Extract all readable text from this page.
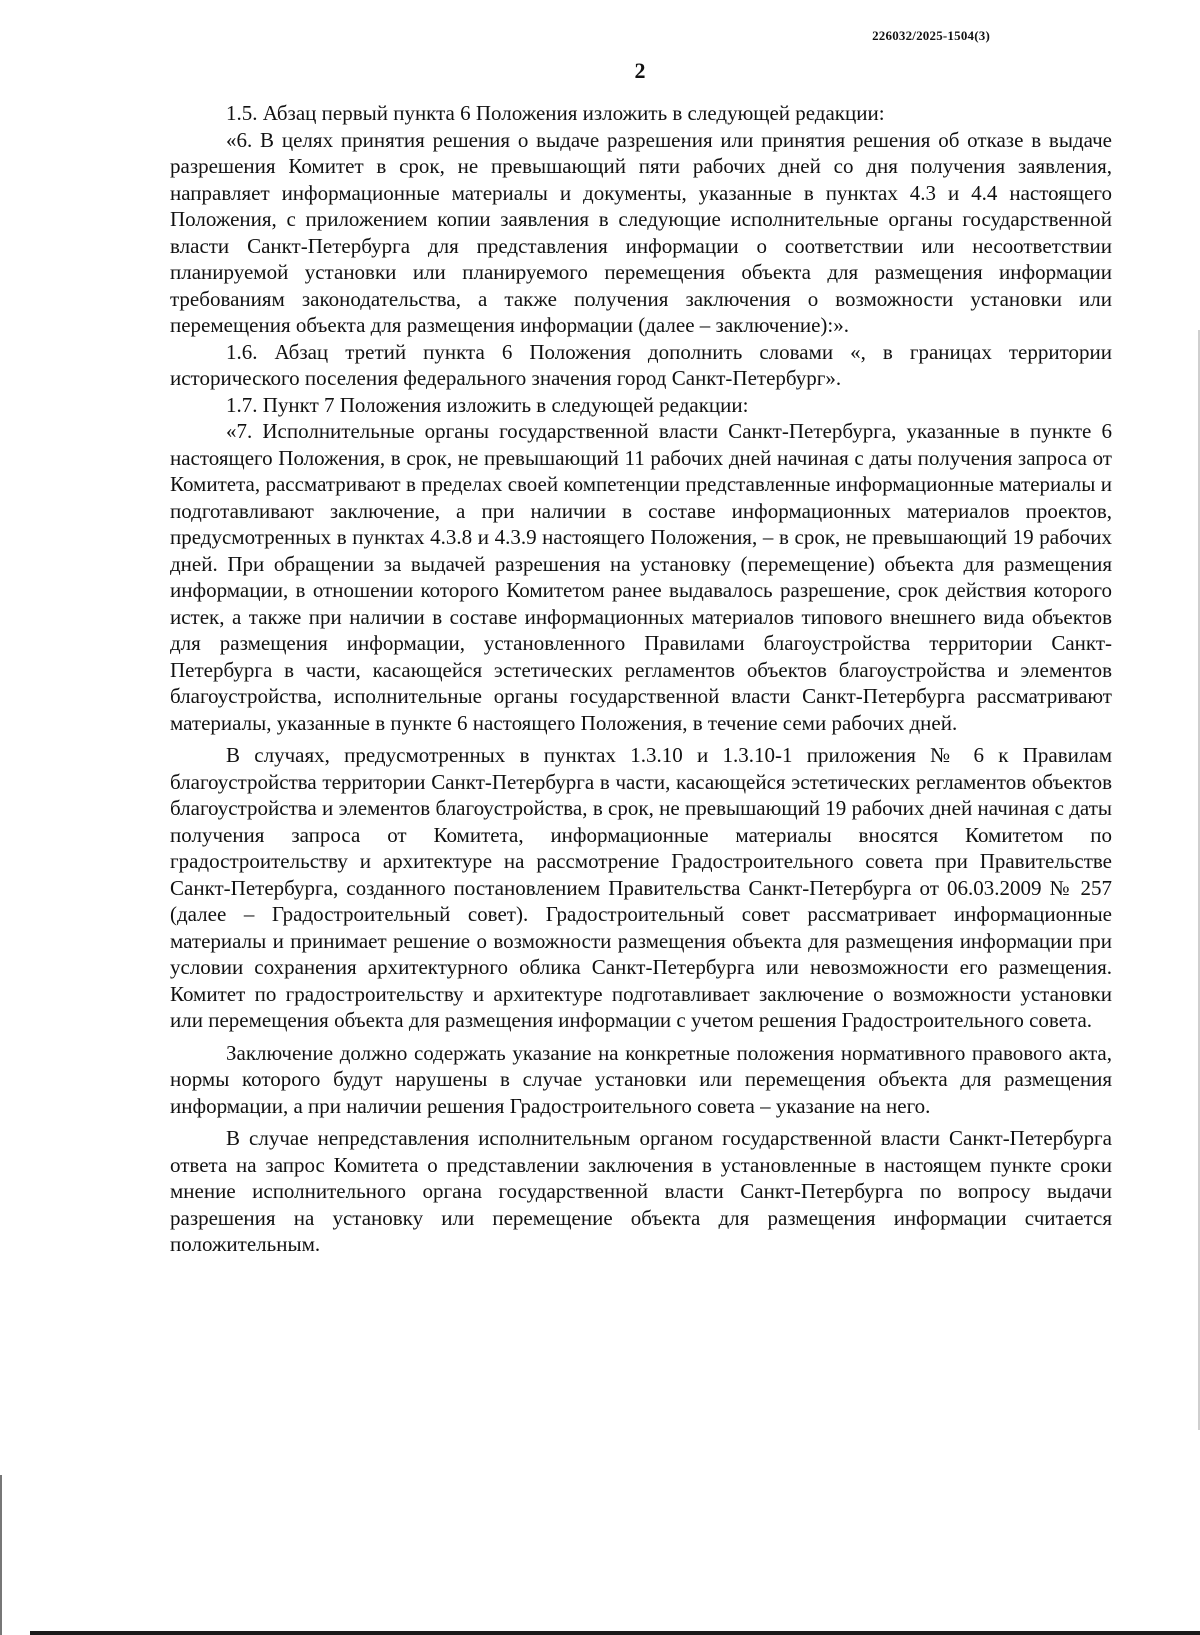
226032/2025-1504(3)
2

1.5. Абзац первый пункта 6 Положения изложить в следующей редакции:

«6. В целях принятия решения о выдаче разрешения или принятия решения об отказе в выдаче разрешения Комитет в срок, не превышающий пяти рабочих дней со дня получения заявления, направляет информационные материалы и документы, указанные в пунктах 4.3 и 4.4 настоящего Положения, с приложением копии заявления в следующие исполнительные органы государственной власти Санкт-Петербурга для представления информации о соответствии или несоответствии планируемой установки или планируемого перемещения объекта для размещения информации требованиям законодательства, а также получения заключения о возможности установки или перемещения объекта для размещения информации (далее – заключение):».

1.6. Абзац третий пункта 6 Положения дополнить словами «, в границах территории исторического поселения федерального значения город Санкт-Петербург».

1.7. Пункт 7 Положения изложить в следующей редакции:

«7. Исполнительные органы государственной власти Санкт-Петербурга, указанные в пункте 6 настоящего Положения, в срок, не превышающий 11 рабочих дней начиная с даты получения запроса от Комитета, рассматривают в пределах своей компетенции представленные информационные материалы и подготавливают заключение, а при наличии в составе информационных материалов проектов, предусмотренных в пунктах 4.3.8 и 4.3.9 настоящего Положения, – в срок, не превышающий 19 рабочих дней. При обращении за выдачей разрешения на установку (перемещение) объекта для размещения информации, в отношении которого Комитетом ранее выдавалось разрешение, срок действия которого истек, а также при наличии в составе информационных материалов типового внешнего вида объектов для размещения информации, установленного Правилами благоустройства территории Санкт-Петербурга в части, касающейся эстетических регламентов объектов благоустройства и элементов благоустройства, исполнительные органы государственной власти Санкт-Петербурга рассматривают материалы, указанные в пункте 6 настоящего Положения, в течение семи рабочих дней.

В случаях, предусмотренных в пунктах 1.3.10 и 1.3.10-1 приложения № 6 к Правилам благоустройства территории Санкт-Петербурга в части, касающейся эстетических регламентов объектов благоустройства и элементов благоустройства, в срок, не превышающий 19 рабочих дней начиная с даты получения запроса от Комитета, информационные материалы вносятся Комитетом по градостроительству и архитектуре на рассмотрение Градостроительного совета при Правительстве Санкт-Петербурга, созданного постановлением Правительства Санкт-Петербурга от 06.03.2009 № 257 (далее – Градостроительный совет). Градостроительный совет рассматривает информационные материалы и принимает решение о возможности размещения объекта для размещения информации при условии сохранения архитектурного облика Санкт-Петербурга или невозможности его размещения. Комитет по градостроительству и архитектуре подготавливает заключение о возможности установки или перемещения объекта для размещения информации с учетом решения Градостроительного совета.

Заключение должно содержать указание на конкретные положения нормативного правового акта, нормы которого будут нарушены в случае установки или перемещения объекта для размещения информации, а при наличии решения Градостроительного совета – указание на него.

В случае непредставления исполнительным органом государственной власти Санкт-Петербурга ответа на запрос Комитета о представлении заключения в установленные в настоящем пункте сроки мнение исполнительного органа государственной власти Санкт-Петербурга по вопросу выдачи разрешения на установку или перемещение объекта для размещения информации считается положительным.
